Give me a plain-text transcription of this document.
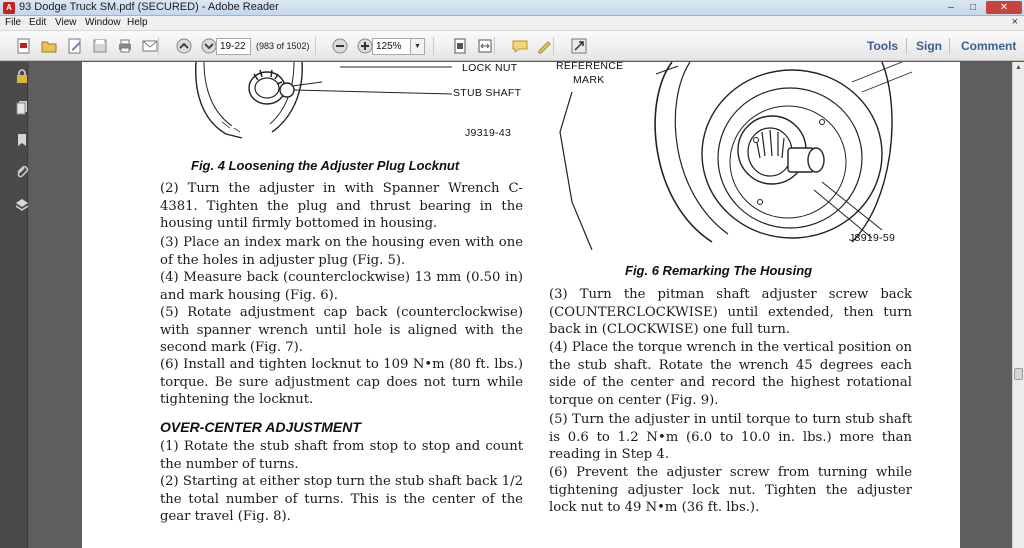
A 93 Dodge Truck SM.pdf (SECURED) - Adobe Reader	–	□	✕
File Edit View Window Help	×
19-22
(983 of 1502)
125%	▼	Tools Sign Comment
LOCK NUT
STUB SHAFT
J9319-43
Fig. 4 Loosening the Adjuster Plug Locknut
(2) Turn the adjuster in with Spanner Wrench C-4381. Tighten the plug and thrust bearing in the housing until firmly bottomed in housing.
(3) Place an index mark on the housing even with one of the holes in adjuster plug (Fig. 5).
(4) Measure back (counterclockwise) 13 mm (0.50 in) and mark housing (Fig. 6).
(5) Rotate adjustment cap back (counterclockwise) with spanner wrench until hole is aligned with the second mark (Fig. 7).
(6) Install and tighten locknut to 109 N•m (80 ft. lbs.) torque. Be sure adjustment cap does not turn while tightening the locknut.
OVER-CENTER ADJUSTMENT
(1) Rotate the stub shaft from stop to stop and count the number of turns.
(2) Starting at either stop turn the stub shaft back 1/2 the total number of turns. This is the center of the gear travel (Fig. 8).
REFERENCE
MARK
J8919-59
Fig. 6 Remarking The Housing
(3) Turn the pitman shaft adjuster screw back (COUNTERCLOCKWISE) until extended, then turn back in (CLOCKWISE) one full turn.
(4) Place the torque wrench in the vertical position on the stub shaft. Rotate the wrench 45 degrees each side of the center and record the highest rotational torque on center (Fig. 9).
(5) Turn the adjuster in until torque to turn stub shaft is 0.6 to 1.2 N•m (6.0 to 10.0 in. lbs.) more than reading in Step 4.
(6) Prevent the adjuster screw from turning while tightening adjuster lock nut. Tighten the adjuster lock nut to 49 N•m (36 ft. lbs.).
▲
